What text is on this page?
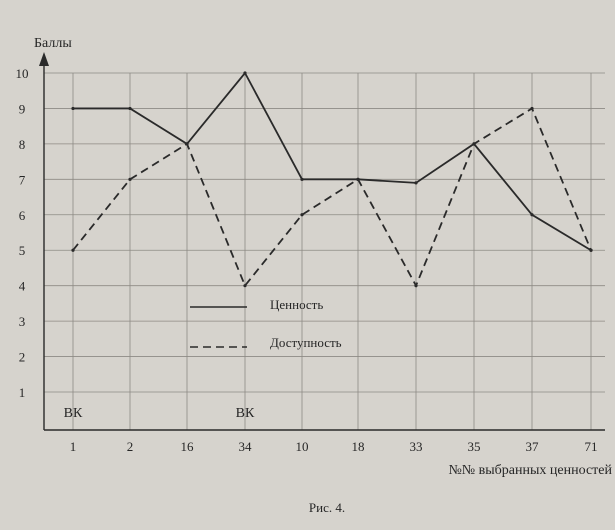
1
2
3
4
5
6
7
8
9
10
1	2	16	34	10	18	33	35	37	71
ВК	ВК
Ценность
Доступность
Баллы
№№ выбранных ценностей
Рис. 4.
